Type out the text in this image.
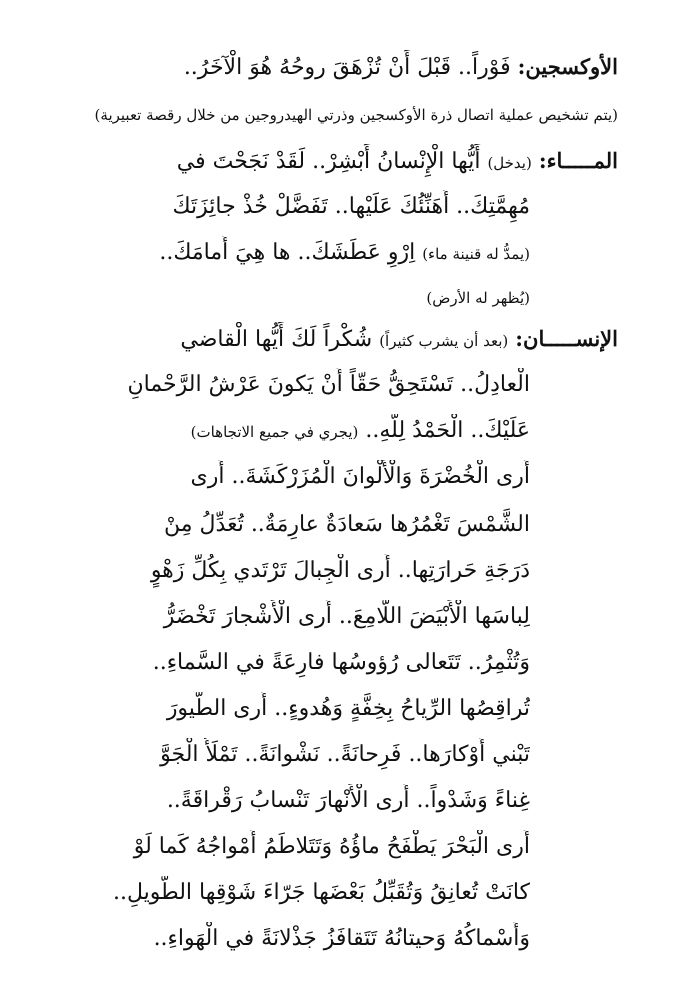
الأوكسجين: فَوْراً.. قَبْلَ أَنْ تُزْهَقَ روحُهُ هُوَ الْآخَرُ..
(يتم تشخيص عملية اتصال ذرة الأوكسجين وذرتي الهيدروجين من خلال رقصة تعبيرية)
المـــــاء: (يدخل) أَيُّها الْإِنْسانُ أَبْشِرْ.. لَقَدْ نَجَحْتَ في
مُهِمَّتِكَ.. أُهَنِّئُكَ عَلَيْها.. تَفَضَّلْ خُذْ جائِزَتَكَ
(يمدُّ له قنينة ماء) اِرْوِ عَطَشَكَ.. ها هِيَ أَمامَكَ..
(يُظهر له الأرض)
الإنســـــان: (بعد أن يشرب كثيراً) شُكْراً لَكَ أَيُّها الْقاضي
الْعادِلُ.. تَسْتَحِقُّ حَقّاً أَنْ يَكونَ عَرْشُ الرَّحْمانِ
عَلَيْكَ.. الْحَمْدُ لِلّهِ.. (يجري في جميع الاتجاهات)
أَرى الْخُضْرَةَ وَالْأَلْوانَ الْمُزَرْكَشَةَ.. أَرى
الشَّمْسَ تَغْمُرُها سَعادَةٌ عارِمَةٌ.. تُعَدِّلُ مِنْ
دَرَجَةِ حَرارَتِها.. أَرى الْجِبالَ تَرْتَدي بِكُلِّ زَهْوٍ
لِباسَها الْأَبْيَضَ اللّامِعَ.. أَرى الْأَشْجارَ تَخْضَرُّ
وَتُثْمِرُ.. تَتَعالى رُؤوسُها فارِعَةً في السَّماءِ..
تُراقِصُها الرِّياحُ بِخِفَّةٍ وَهُدوءٍ.. أَرى الطُّيورَ
تَبْني أَوْكارَها.. فَرِحانَةً.. نَشْوانَةً.. تَمْلَأُ الْجَوَّ
غِناءً وَشَدْواً.. أَرى الْأَنْهارَ تَنْسابُ رَقْراقَةً..
أَرى الْبَحْرَ يَطْفَحُ ماؤُهُ وَتَتَلاطَمُ أَمْواجُهُ كَما لَوْ
كانَتْ تُعانِقُ وَتُقَبِّلُ بَعْضَها جَرّاءَ شَوْقِها الطَّويلِ..
وَأَسْماكُهُ وَحيتانُهُ تَتَقافَزُ جَذْلانَةً في الْهَواءِ..
